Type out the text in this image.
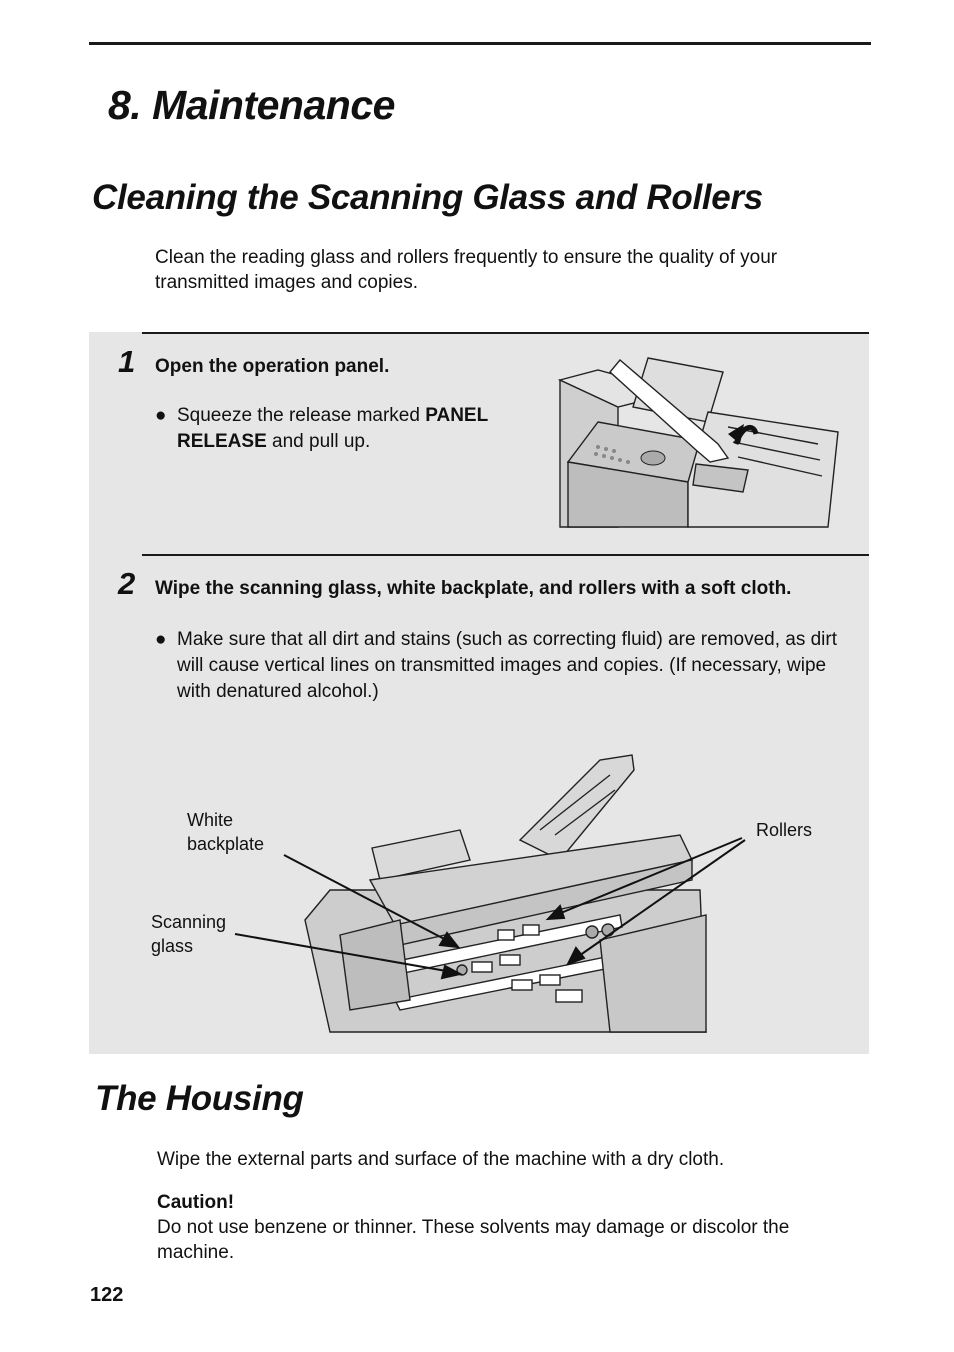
8. Maintenance
Cleaning the Scanning Glass and Rollers

Clean the reading glass and rollers frequently to ensure the quality of your transmitted images and copies.

1 Open the operation panel.
● Squeeze the release marked PANEL RELEASE and pull up.
2 Wipe the scanning glass, white backplate, and rollers with a soft cloth.
● Make sure that all dirt and stains (such as correcting fluid) are removed, as dirt will cause vertical lines on transmitted images and copies. (If necessary, wipe with denatured alcohol.)
White
backplate
Scanning
glass
Rollers
The Housing

Wipe the external parts and surface of the machine with a dry cloth.

Caution!

Do not use benzene or thinner. These solvents may damage or discolor the machine.

122
